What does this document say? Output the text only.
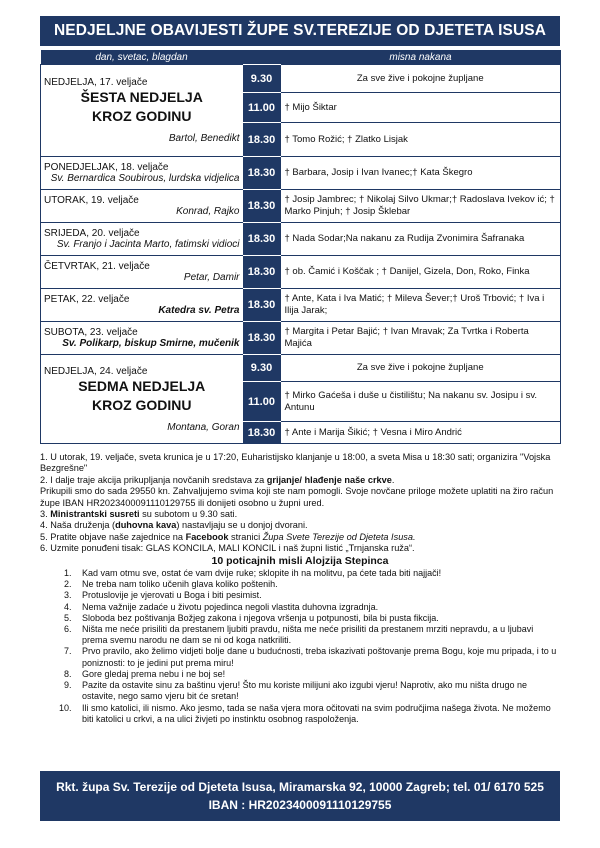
NEDJELJNE OBAVIJESTI ŽUPE SV.TEREZIJE OD DJETETA ISUSA
dan, svetac, blagdan		misna nakana

NEDJELJA, 17. veljače
ŠESTA NEDJELJA
KROZ GODINU
Bartol, Benedikt	9.30	Za sve žive i pokojne župljane
	11.00	† Mijo Šiktar
	18.30	† Tomo Rožić; † Zlatko Lisjak

PONEDJELJAK, 18. veljače
Sv. Bernardica Soubirous, lurdska vidjelica	18.30	† Barbara, Josip i Ivan Ivanec;† Kata Škegro

UTORAK, 19. veljače
Konrad, Rajko	18.30	† Josip Jambrec; † Nikolaj Silvo Ukmar;† Radoslava Ivekov ić; † Marko Pinjuh; † Josip Šklebar

SRIJEDA, 20. veljače
Sv. Franjo i Jacinta Marto, fatimski vidioci	18.30	† Nada Sodar;Na nakanu za Rudija Zvonimira Šafranaka

ČETVRTAK, 21. veljače
Petar, Damir	18.30	† ob. Čamić i Koščak ; † Danijel, Gizela, Don, Roko, Finka

PETAK, 22. veljače
Katedra sv. Petra	18.30	† Ante, Kata i Iva Matić; † Mileva Šever;† Uroš Trbović; † Iva i Ilija Jarak;

SUBOTA, 23. veljače
Sv. Polikarp, biskup Smirne, mučenik	18.30	† Margita i Petar Bajić; † Ivan Mravak; Za Tvrtka i Roberta Majića

NEDJELJA, 24. veljače
SEDMA NEDJELJA
KROZ GODINU
Montana, Goran	9.30	Za sve žive i pokojne župljane
	11.00	† Mirko Gaćeša i duše u čistilištu; Na nakanu sv. Josipu i sv. Antunu
	18.30	† Ante i Marija Šikić; † Vesna i Miro Andrić

1. U utorak, 19. veljače, sveta krunica je u 17:20, Euharistijsko klanjanje u 18:00, a sveta Misa u 18:30 sati; organizira "Vojska Bezgrešne"

2. I dalje traje akcija prikupljanja novčanih sredstava za grijanje/ hlađenje naše crkve.

Prikupili smo do sada 29550 kn. Zahvaljujemo svima koji ste nam pomogli. Svoje novčane priloge možete uplatiti na žiro račun župe IBAN HR2023400091110129755 ili donijeti osobno u župni ured.

3. Ministrantski susreti su subotom u 9.30 sati.

4. Naša druženja (duhovna kava) nastavljaju se u donjoj dvorani.

5. Pratite objave naše zajednice na Facebook stranici Župa Svete Terezije od Djeteta Isusa.

6. Uzmite ponuđeni tisak: GLAS KONCILA, MALI KONCIL i naš župni listić „Trnjanska ruža“.

10 poticajnih misli Alojzija Stepinca
1. Kad vam otmu sve, ostat će vam dvije ruke; sklopite ih na molitvu, pa ćete tada biti najjači!
2. Ne treba nam toliko učenih glava koliko poštenih.
3. Protuslovije je vjerovati u Boga i biti pesimist.
4. Nema važnije zadaće u životu pojedinca negoli vlastita duhovna izgradnja.
5. Sloboda bez poštivanja Božjeg zakona i njegova vršenja u potpunosti, bila bi pusta fikcija.
6. Ništa me neće prisiliti da prestanem ljubiti pravdu, ništa me neće prisiliti da prestanem mrziti nepravdu, a u ljubavi prema svemu narodu ne dam se ni od koga natkriliti.
7. Prvo pravilo, ako želimo vidjeti bolje dane u budućnosti, treba iskazivati poštovanje prema Bogu, koje mu pripada, i to u poniznosti: to je jedini put prema miru!
8. Gore gledaj prema nebu i ne boj se!
9. Pazite da ostavite sinu za baštinu vjeru! Što mu koriste milijuni ako izgubi vjeru! Naprotiv, ako mu ništa drugo ne ostavite, nego samo vjeru bit će sretan!
10. Ili smo katolici, ili nismo. Ako jesmo, tada se naša vjera mora očitovati na svim područjima našega života. Ne možemo biti katolici u crkvi, a na ulici živjeti po instinktu osobnog raspoloženja.
Rkt. župa Sv. Terezije od Djeteta Isusa, Miramarska 92, 10000 Zagreb; tel. 01/ 6170 525
IBAN : HR2023400091110129755
